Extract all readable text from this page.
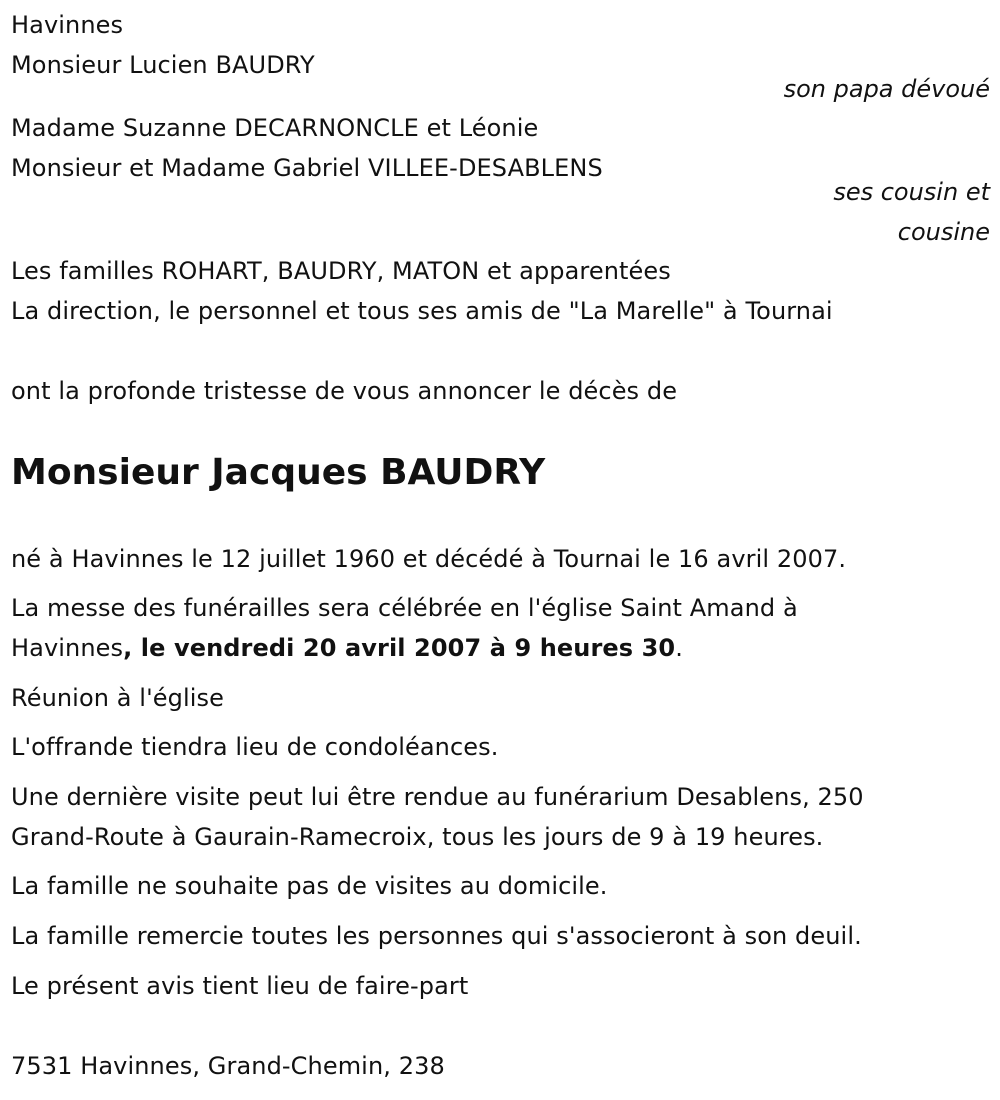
Havinnes
Monsieur Lucien BAUDRY
son papa dévoué
Madame Suzanne DECARNONCLE et Léonie
Monsieur et Madame Gabriel VILLEE-DESABLENS
ses cousin et
cousine
Les familles ROHART, BAUDRY, MATON et apparentées
La direction, le personnel et tous ses amis de "La Marelle" à Tournai
ont la profonde tristesse de vous annoncer le décès de
Monsieur Jacques BAUDRY
né à Havinnes le 12 juillet 1960 et décédé à Tournai le 16 avril 2007.
La messe des funérailles sera célébrée en l'église Saint Amand à
Havinnes, le vendredi 20 avril 2007 à 9 heures 30.
Réunion à l'église
L'offrande tiendra lieu de condoléances.
Une dernière visite peut lui être rendue au funérarium Desablens, 250
Grand-Route à Gaurain-Ramecroix, tous les jours de 9 à 19 heures.
La famille ne souhaite pas de visites au domicile.
La famille remercie toutes les personnes qui s'associeront à son deuil.
Le présent avis tient lieu de faire-part
7531 Havinnes, Grand-Chemin, 238
